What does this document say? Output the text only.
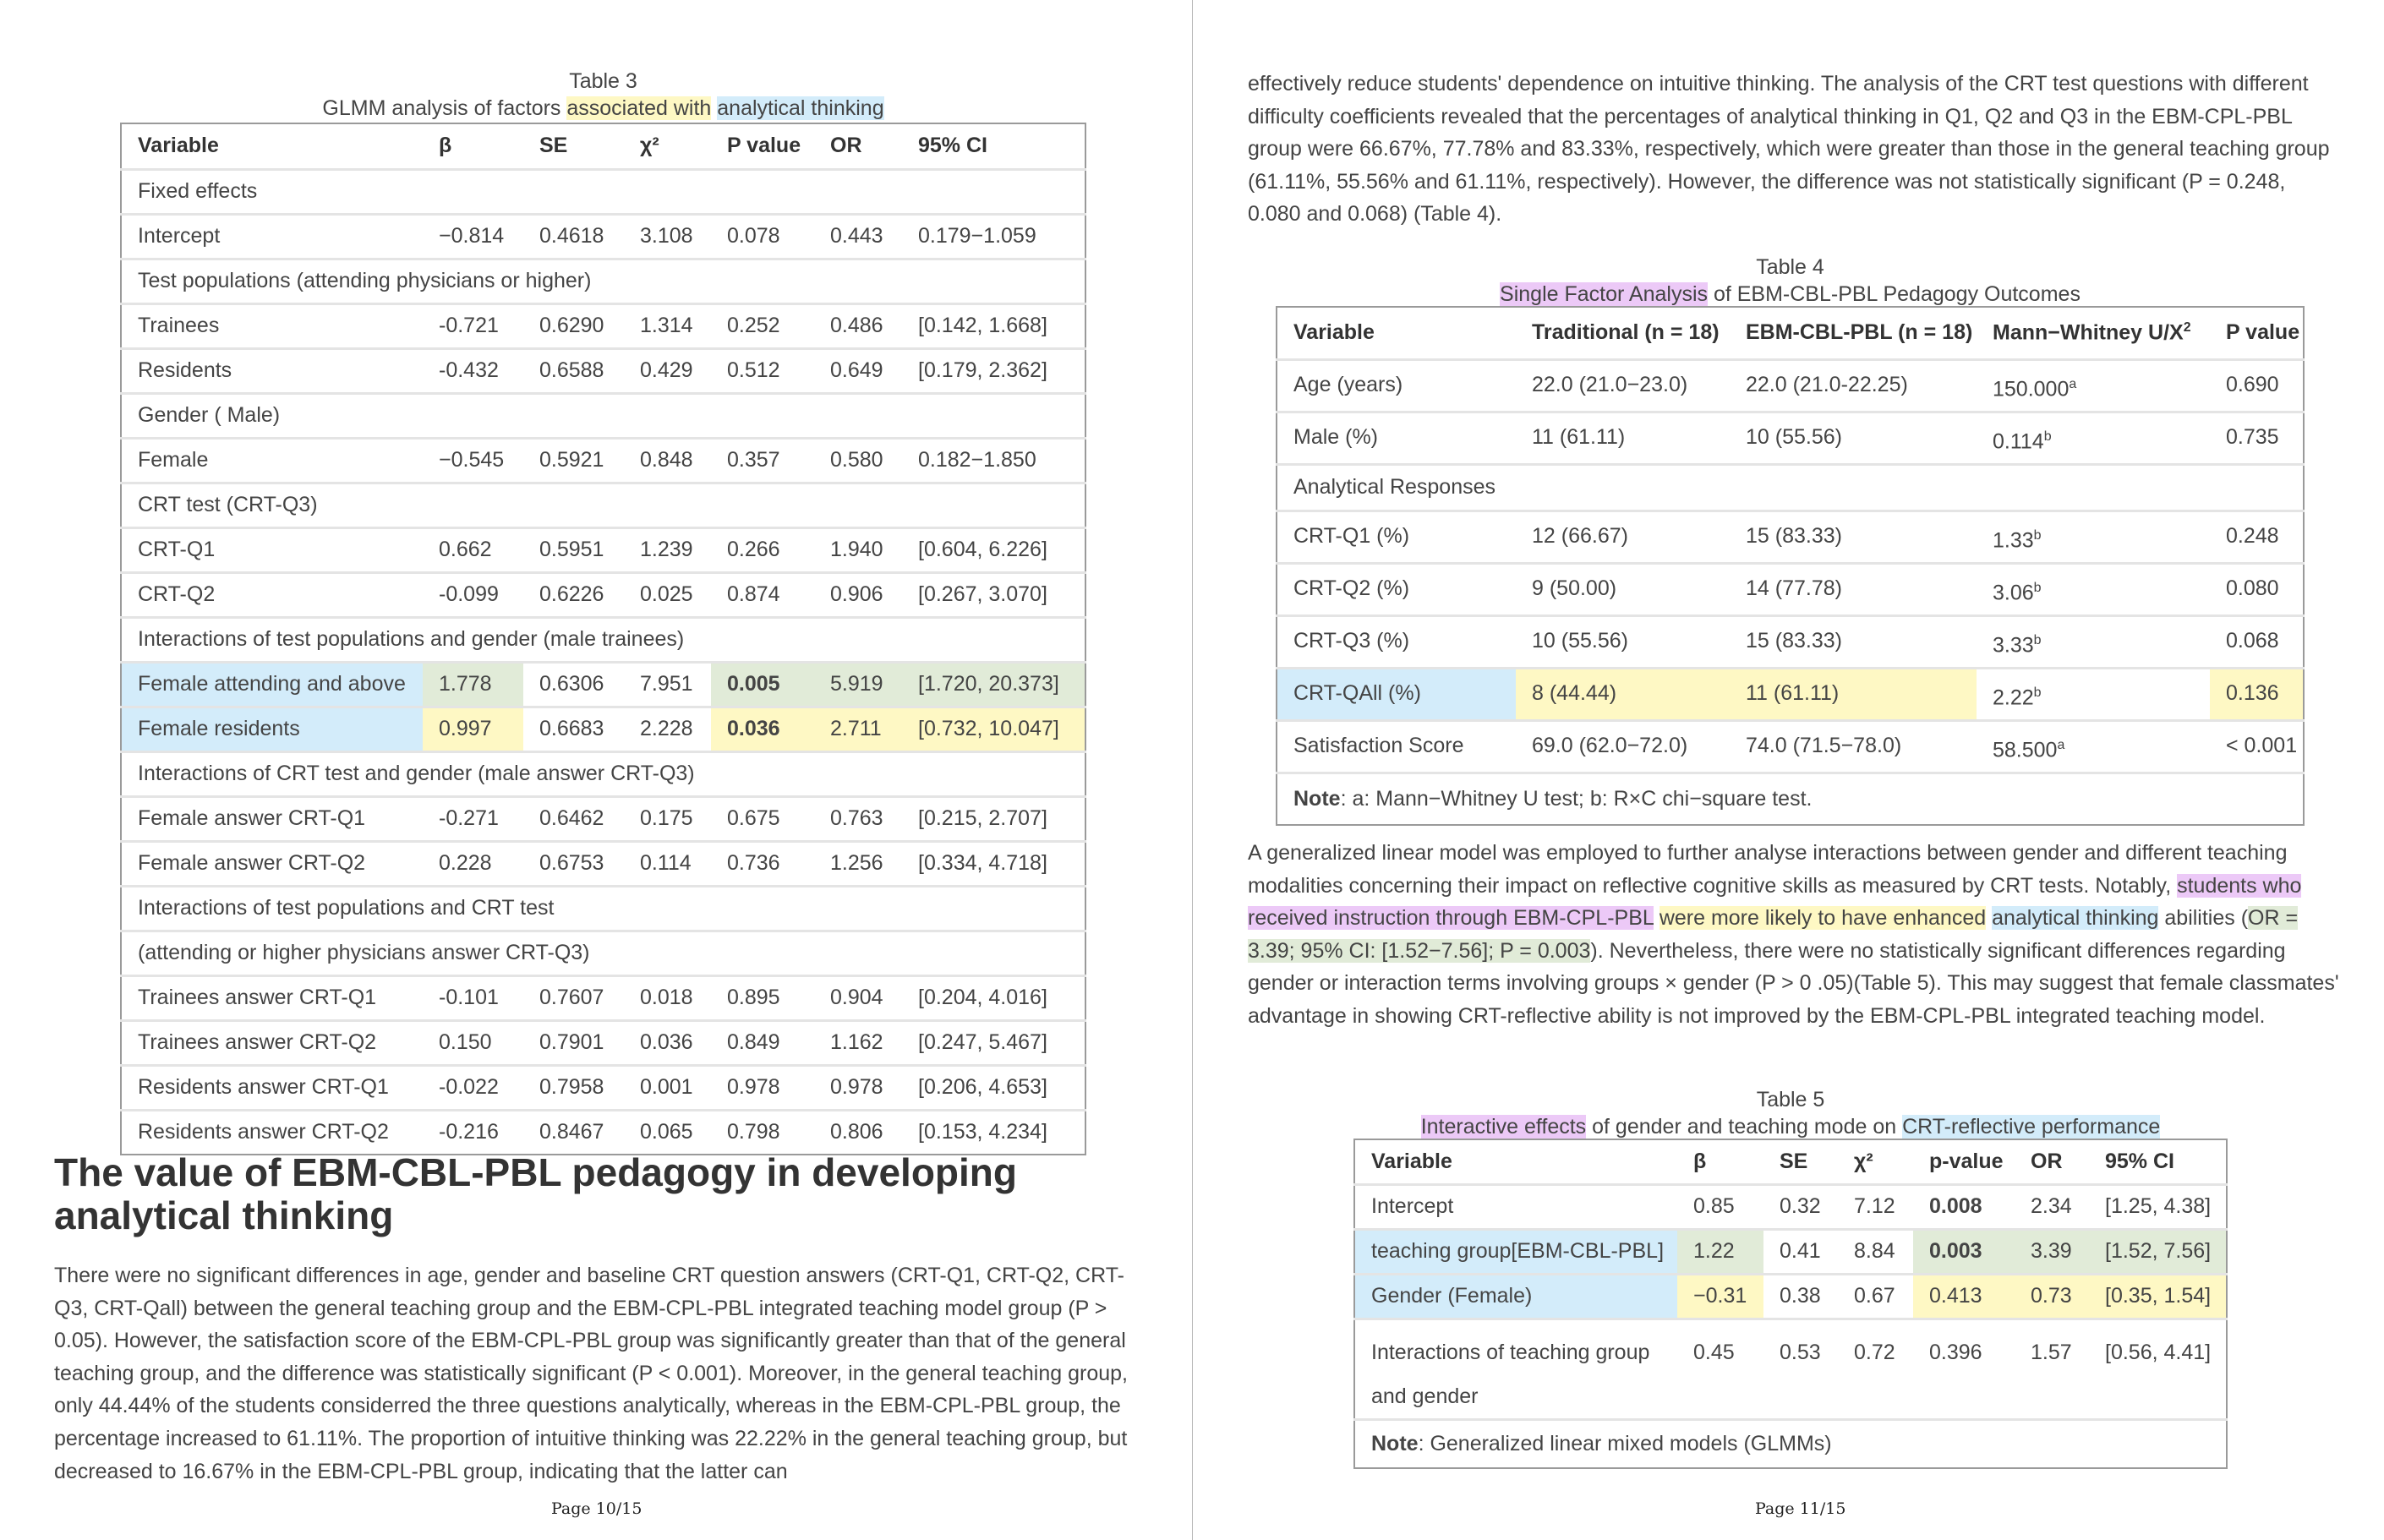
Table 3
GLMM analysis of factors associated with analytical thinking
Variable	β	SE	χ²	P value	OR	95% CI
Fixed effects						
Intercept	−0.814	0.4618	3.108	0.078	0.443	0.179−1.059
Test populations (attending physicians or higher)						
Trainees	-0.721	0.6290	1.314	0.252	0.486	[0.142, 1.668]
Residents	-0.432	0.6588	0.429	0.512	0.649	[0.179, 2.362]
Gender ( Male)						
Female	−0.545	0.5921	0.848	0.357	0.580	0.182−1.850
CRT test (CRT-Q3)						
CRT-Q1	0.662	0.5951	1.239	0.266	1.940	[0.604, 6.226]
CRT-Q2	-0.099	0.6226	0.025	0.874	0.906	[0.267, 3.070]
Interactions of test populations and gender (male trainees)						
Female attending and above	1.778	0.6306	7.951	0.005	5.919	[1.720, 20.373]
Female residents	0.997	0.6683	2.228	0.036	2.711	[0.732, 10.047]
Interactions of CRT test and gender (male answer CRT-Q3)						
Female answer CRT-Q1	-0.271	0.6462	0.175	0.675	0.763	[0.215, 2.707]
Female answer CRT-Q2	0.228	0.6753	0.114	0.736	1.256	[0.334, 4.718]
Interactions of test populations and CRT test						
(attending or higher physicians answer CRT-Q3)						
Trainees answer CRT-Q1	-0.101	0.7607	0.018	0.895	0.904	[0.204, 4.016]
Trainees answer CRT-Q2	0.150	0.7901	0.036	0.849	1.162	[0.247, 5.467]
Residents answer CRT-Q1	-0.022	0.7958	0.001	0.978	0.978	[0.206, 4.653]
Residents answer CRT-Q2	-0.216	0.8467	0.065	0.798	0.806	[0.153, 4.234]
The value of EBM-CBL-PBL pedagogy in developing analytical thinking

There were no significant differences in age, gender and baseline CRT question answers (CRT-Q1, CRT-Q2, CRT-Q3, CRT-Qall) between the general teaching group and the EBM-CPL-PBL integrated teaching model group (P > 0.05). However, the satisfaction score of the EBM-CPL-PBL group was significantly greater than that of the general teaching group, and the difference was statistically significant (P < 0.001). Moreover, in the general teaching group, only 44.44% of the students considerred the three questions analytically, whereas in the EBM-CPL-PBL group, the percentage increased to 61.11%. The proportion of intuitive thinking was 22.22% in the general teaching group, but decreased to 16.67% in the EBM-CPL-PBL group, indicating that the latter can

Page 10/15

effectively reduce students' dependence on intuitive thinking. The analysis of the CRT test questions with different difficulty coefficients revealed that the percentages of analytical thinking in Q1, Q2 and Q3 in the EBM-CPL-PBL group were 66.67%, 77.78% and 83.33%, respectively, which were greater than those in the general teaching group (61.11%, 55.56% and 61.11%, respectively). However, the difference was not statistically significant (P = 0.248, 0.080 and 0.068) (Table 4).

Table 4
Single Factor Analysis of EBM-CBL-PBL Pedagogy Outcomes
Variable	Traditional (n = 18)	EBM-CBL-PBL (n = 18)	Mann−Whitney $U/X^2$	P value
Age (years)	22.0 (21.0−23.0)	22.0 (21.0-22.25)	150.000$^a$	0.690
Male (%)	11 (61.11)	10 (55.56)	0.114$^b$	0.735
Analytical Responses				
CRT-Q1 (%)	12 (66.67)	15 (83.33)	1.33$^b$	0.248
CRT-Q2 (%)	9 (50.00)	14 (77.78)	3.06$^b$	0.080
CRT-Q3 (%)	10 (55.56)	15 (83.33)	3.33$^b$	0.068
CRT-QAll (%)	8 (44.44)	11 (61.11)	2.22$^b$	0.136
Satisfaction Score	69.0 (62.0−72.0)	74.0 (71.5−78.0)	58.500$^a$	< 0.001
Note: a: Mann−Whitney U test; b: R×C chi−square test.				

A generalized linear model was employed to further analyse interactions between gender and different teaching modalities concerning their impact on reflective cognitive skills as measured by CRT tests. Notably, students who received instruction through EBM-CPL-PBL were more likely to have enhanced analytical thinking abilities (OR = 3.39; 95% CI: [1.52−7.56]; P = 0.003). Nevertheless, there were no statistically significant differences regarding gender or interaction terms involving groups × gender (P > 0 .05)(Table 5). This may suggest that female classmates' advantage in showing CRT-reflective ability is not improved by the EBM-CPL-PBL integrated teaching model.

Table 5
Interactive effects of gender and teaching mode on CRT-reflective performance
Variable	β	SE	χ²	p-value	OR	95% CI
Intercept	0.85	0.32	7.12	0.008	2.34	[1.25, 4.38]
teaching group[EBM-CBL-PBL]	1.22	0.41	8.84	0.003	3.39	[1.52, 7.56]
Gender (Female)	−0.31	0.38	0.67	0.413	0.73	[0.35, 1.54]
Interactions of teaching group
and gender	0.45	0.53	0.72	0.396	1.57	[0.56, 4.41]
Note: Generalized linear mixed models (GLMMs)						
Page 11/15
